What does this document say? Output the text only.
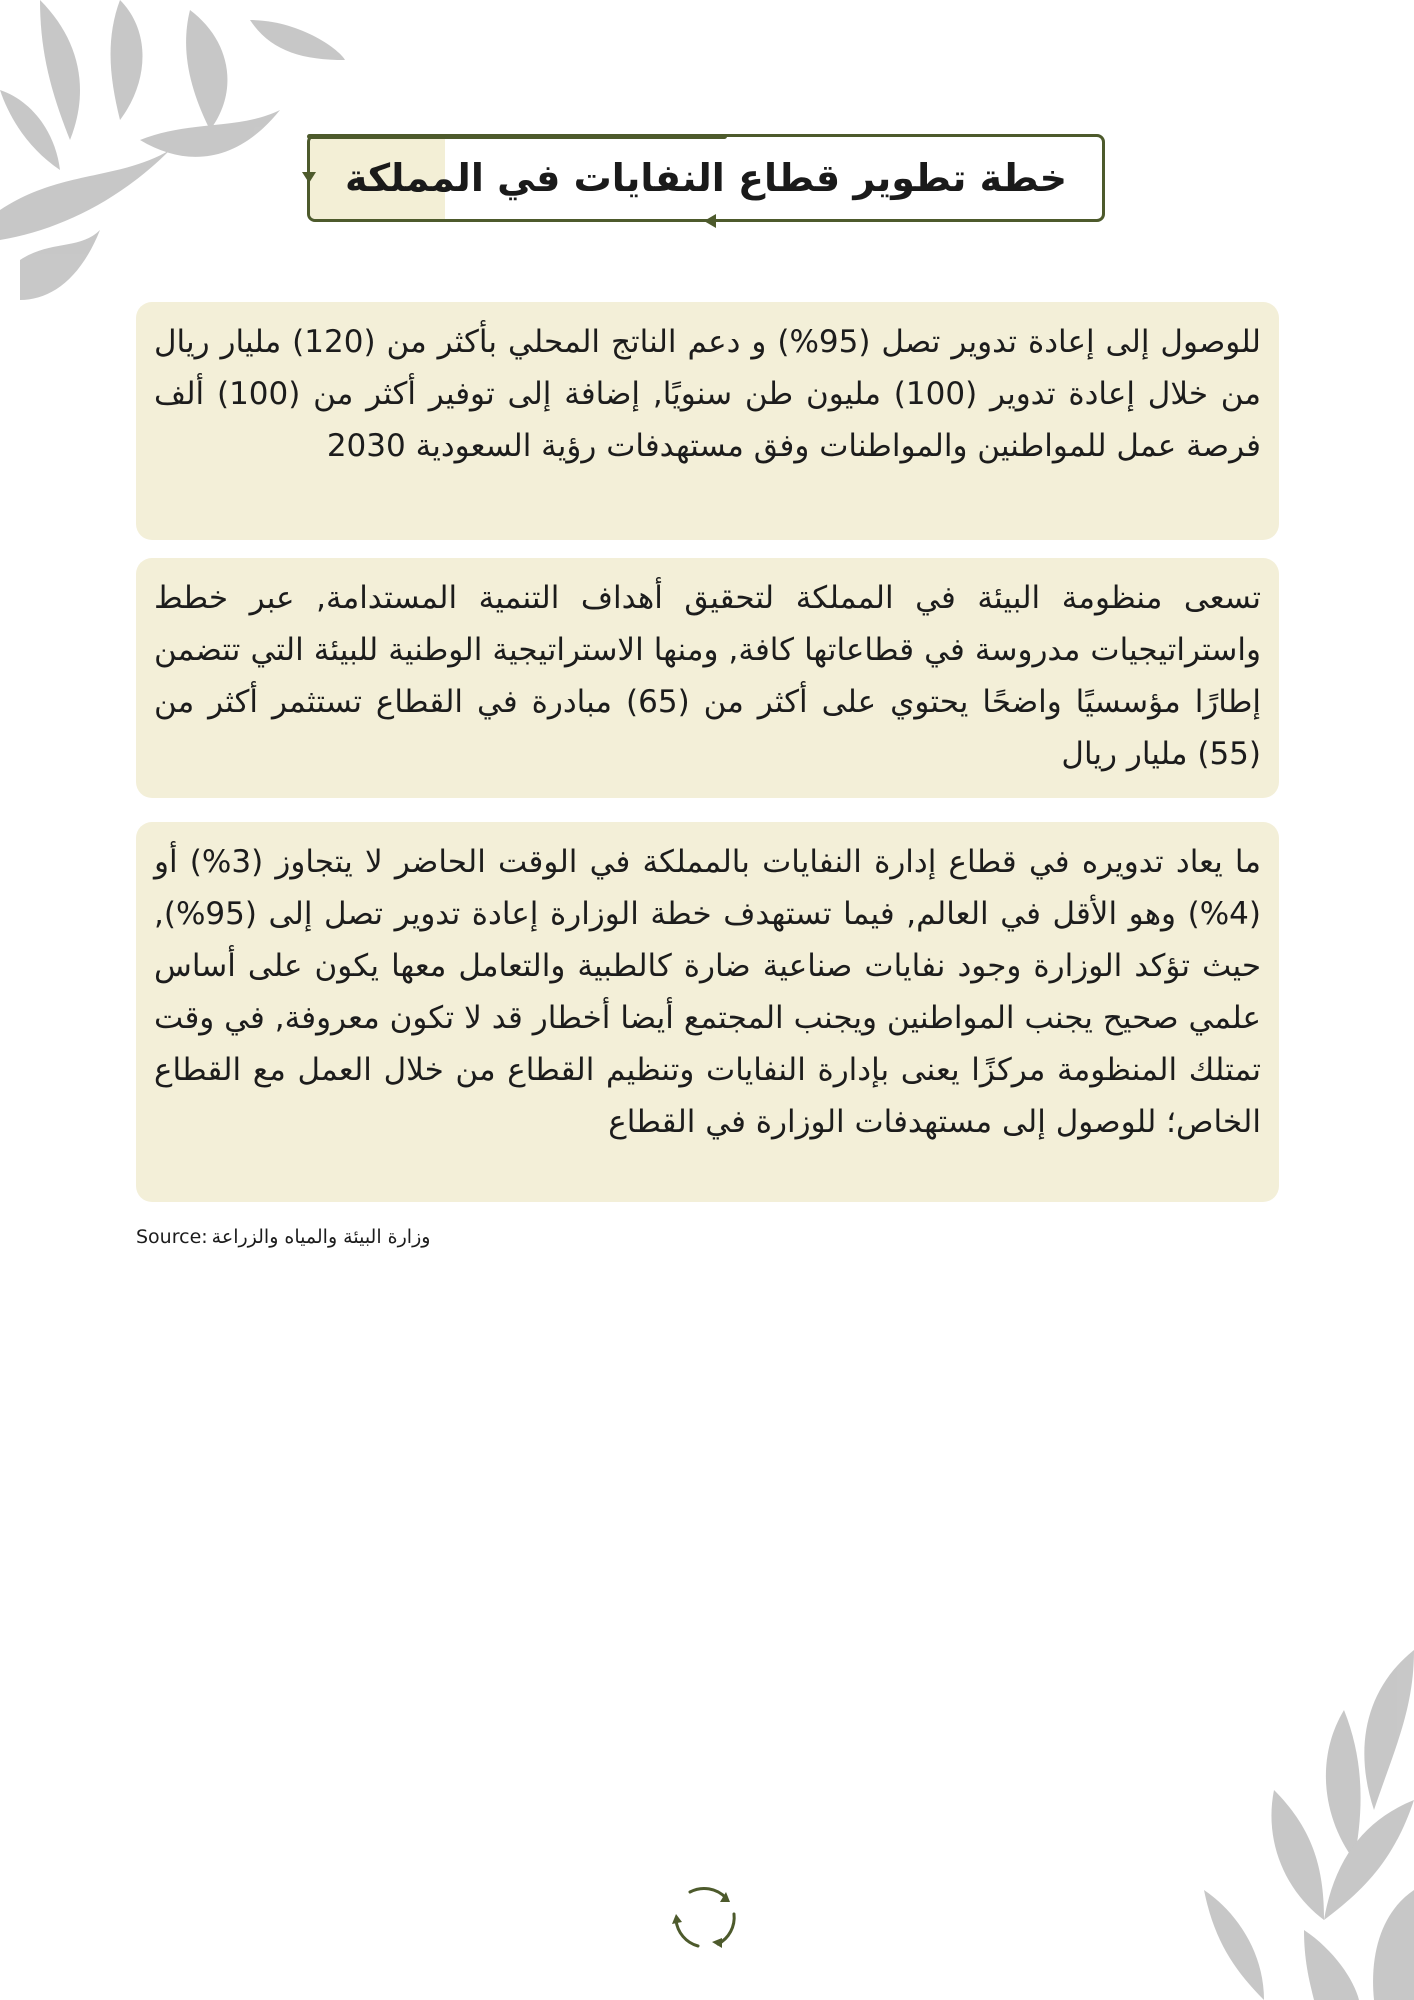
خطة تطوير قطاع النفايات في المملكة
للوصول إلى إعادة تدوير تصل (95%) و دعم الناتج المحلي بأكثر من (120) مليار ريال من خلال إعادة تدوير (100) مليون طن سنويًا, إضافة إلى توفير أكثر من (100) ألف فرصة عمل للمواطنين والمواطنات وفق مستهدفات رؤية السعودية 2030
تسعى منظومة البيئة في المملكة لتحقيق أهداف التنمية المستدامة, عبر خطط واستراتيجيات مدروسة في قطاعاتها كافة, ومنها الاستراتيجية الوطنية للبيئة التي تتضمن إطارًا مؤسسيًا واضحًا يحتوي على أكثر من (65) مبادرة في القطاع تستثمر أكثر من (55) مليار ريال
ما يعاد تدويره في قطاع إدارة النفايات بالمملكة في الوقت الحاضر لا يتجاوز (3%) أو (4%) وهو الأقل في العالم, فيما تستهدف خطة الوزارة إعادة تدوير تصل إلى (95%), حيث تؤكد الوزارة وجود نفايات صناعية ضارة كالطبية والتعامل معها يكون على أساس علمي صحيح يجنب المواطنين ويجنب المجتمع أيضا أخطار قد لا تكون معروفة, في وقت تمتلك المنظومة مركزًا يعنى بإدارة النفايات وتنظيم القطاع من خلال العمل مع القطاع الخاص؛ للوصول إلى مستهدفات الوزارة في القطاع
Source: وزارة البيئة والمياه والزراعة
